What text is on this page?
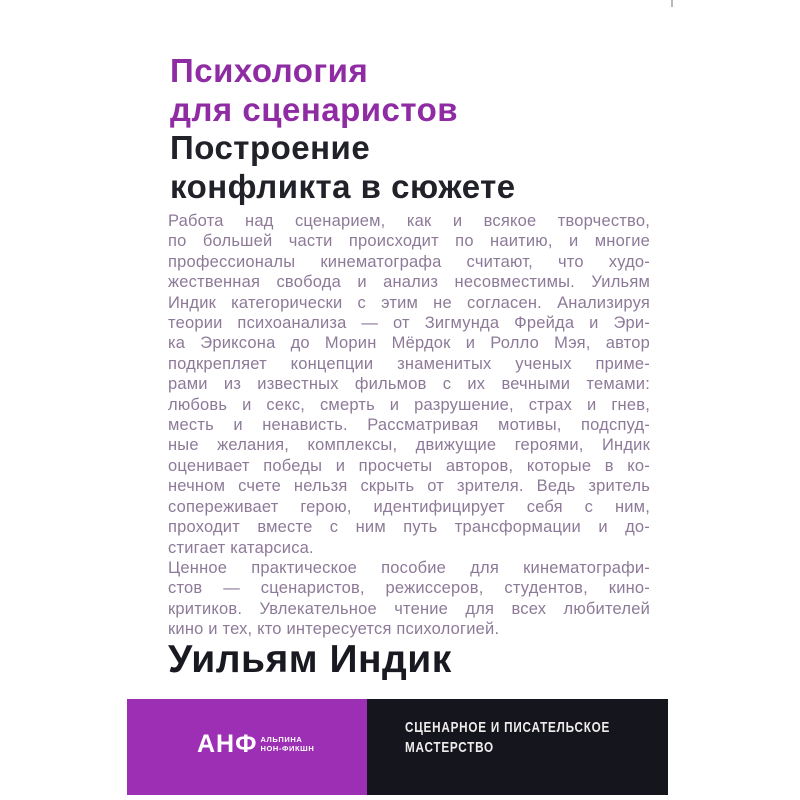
Психология
для сценаристов
Построение
конфликта в сюжете
Работа над сценарием, как и всякое творчество,
по большей части происходит по наитию, и многие
профессионалы кинематографа считают, что худо-
жественная свобода и анализ несовместимы. Уильям
Индик категорически с этим не согласен. Анализируя
теории психоанализа — от Зигмунда Фрейда и Эри-
ка Эриксона до Морин Мёрдок и Ролло Мэя, автор
подкрепляет концепции знаменитых ученых приме-
рами из известных фильмов с их вечными темами:
любовь и секс, смерть и разрушение, страх и гнев,
месть и ненависть. Рассматривая мотивы, подспуд-
ные желания, комплексы, движущие героями, Индик
оценивает победы и просчеты авторов, которые в ко-
нечном счете нельзя скрыть от зрителя. Ведь зритель
сопереживает герою, идентифицирует себя с ним,
проходит вместе с ним путь трансформации и до-
стигает катарсиса.
Ценное практическое пособие для кинематографи-
стов — сценаристов, режиссеров, студентов, кино-
критиков. Увлекательное чтение для всех любителей
кино и тех, кто интересуется психологией.
Уильям Индик
АНФ АЛЬПИНА
НОН-ФИКШН
СЦЕНАРНОЕ И ПИСАТЕЛЬСКОЕ
МАСТЕРСТВО
